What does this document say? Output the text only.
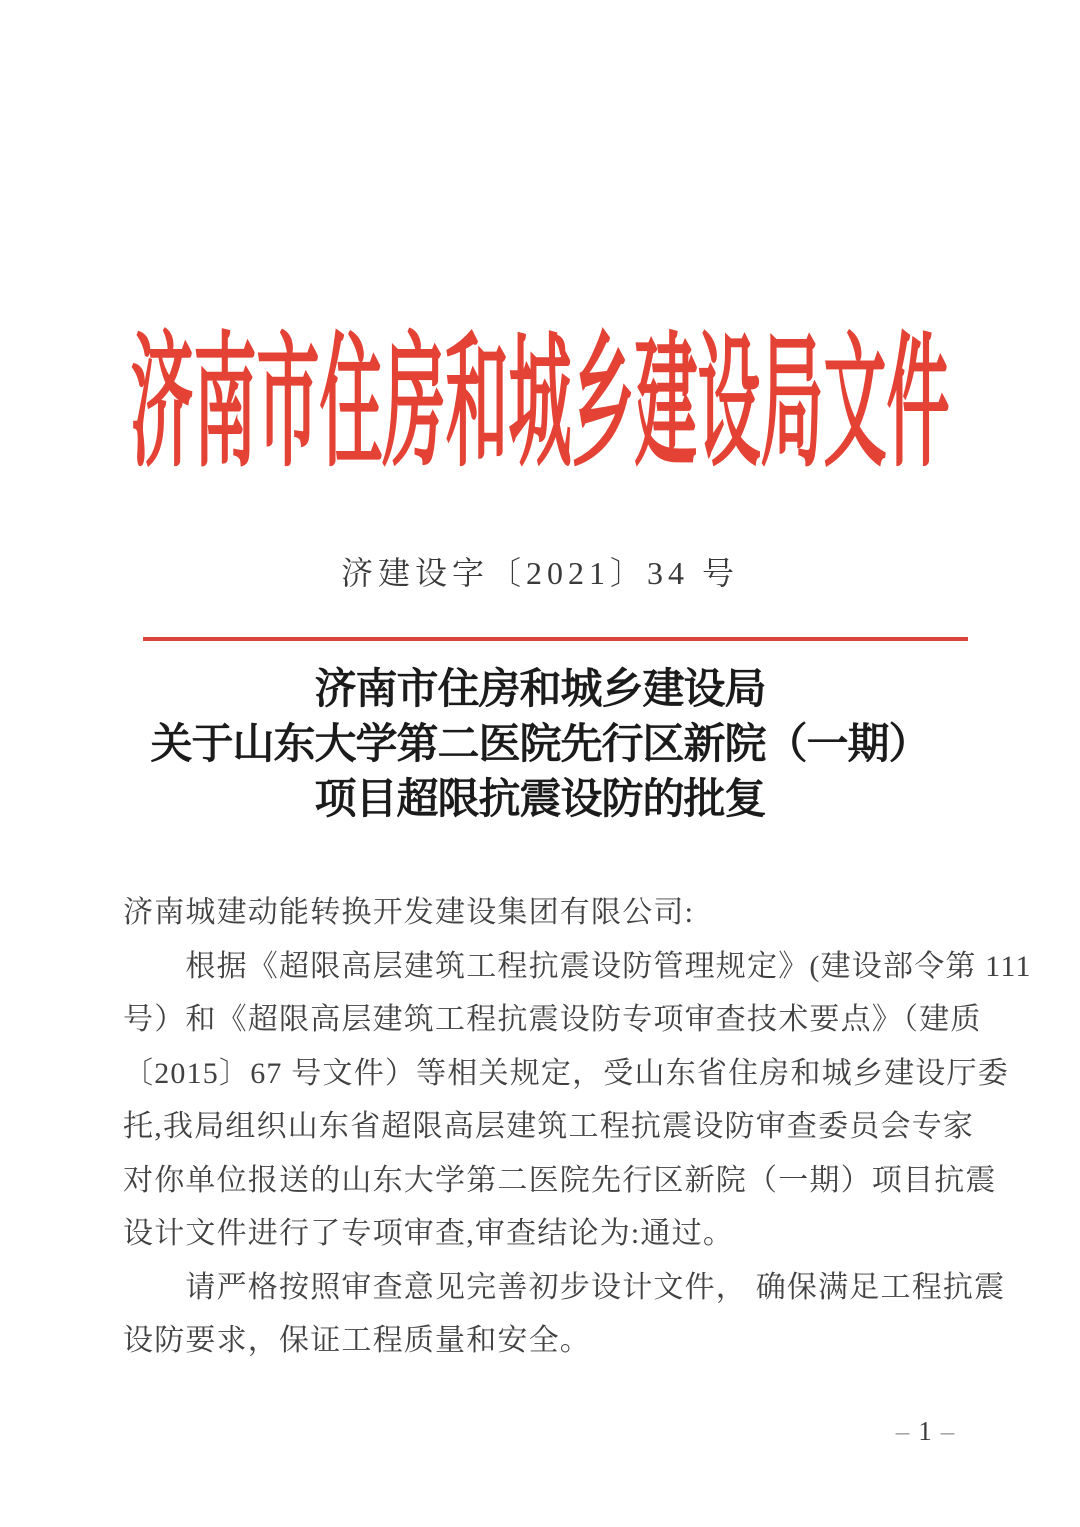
济南市住房和城乡建设局文件
济建设字〔2021〕34 号
济南市住房和城乡建设局
关于山东大学第二医院先行区新院（一期）
项目超限抗震设防的批复
济南城建动能转换开发建设集团有限公司:
　　根据《超限高层建筑工程抗震设防管理规定》(建设部令第 111
号）和《超限高层建筑工程抗震设防专项审查技术要点》（建质
〔2015〕67 号文件）等相关规定，受山东省住房和城乡建设厅委
托,我局组织山东省超限高层建筑工程抗震设防审查委员会专家
对你单位报送的山东大学第二医院先行区新院（一期）项目抗震
设计文件进行了专项审查,审查结论为:通过。
　　请严格按照审查意见完善初步设计文件， 确保满足工程抗震
设防要求，保证工程质量和安全。
– 1 –
